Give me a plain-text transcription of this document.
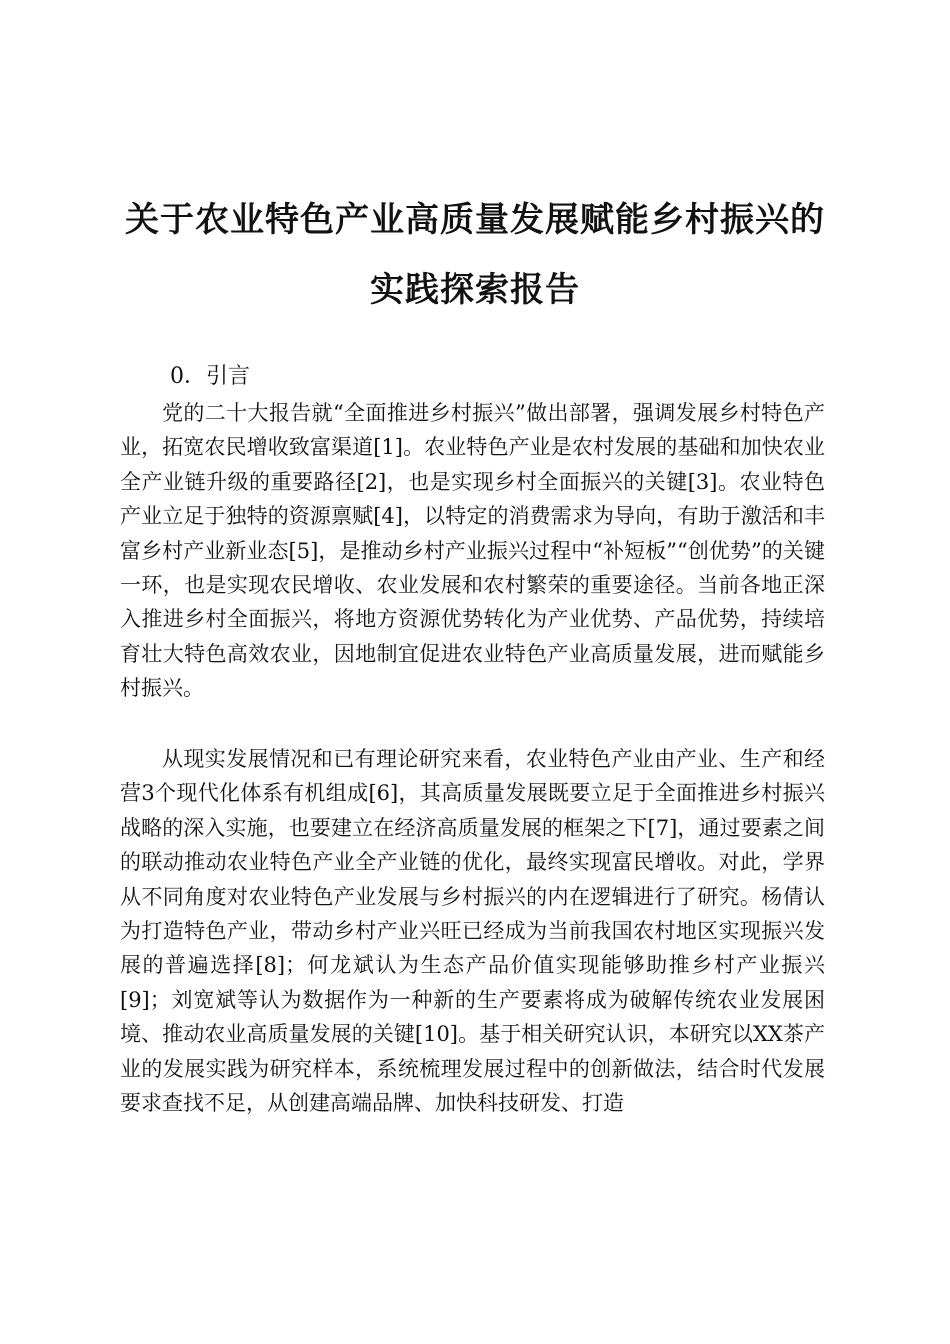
关于农业特色产业高质量发展赋能乡村振兴的
实践探索报告
0．引言

党的二十大报告就“全面推进乡村振兴”做出部署，强调发展乡村特色产业，拓宽农民增收致富渠道[1]。农业特色产业是农村发展的基础和加快农业全产业链升级的重要路径[2]，也是实现乡村全面振兴的关键[3]。农业特色产业立足于独特的资源禀赋[4]，以特定的消费需求为导向，有助于激活和丰富乡村产业新业态[5]，是推动乡村产业振兴过程中“补短板”“创优势”的关键一环，也是实现农民增收、农业发展和农村繁荣的重要途径。当前各地正深入推进乡村全面振兴，将地方资源优势转化为产业优势、产品优势，持续培育壮大特色高效农业，因地制宜促进农业特色产业高质量发展，进而赋能乡村振兴。

从现实发展情况和已有理论研究来看，农业特色产业由产业、生产和经营3个现代化体系有机组成[6]，其高质量发展既要立足于全面推进乡村振兴战略的深入实施，也要建立在经济高质量发展的框架之下[7]，通过要素之间的联动推动农业特色产业全产业链的优化，最终实现富民增收。对此，学界从不同角度对农业特色产业发展与乡村振兴的内在逻辑进行了研究。杨倩认为打造特色产业，带动乡村产业兴旺已经成为当前我国农村地区实现振兴发展的普遍选择[8]；何龙斌认为生态产品价值实现能够助推乡村产业振兴[9]；刘宽斌等认为数据作为一种新的生产要素将成为破解传统农业发展困境、推动农业高质量发展的关键[10]。基于相关研究认识，本研究以XX茶产业的发展实践为研究样本，系统梳理发展过程中的创新做法，结合时代发展要求查找不足，从创建高端品牌、加快科技研发、打造
